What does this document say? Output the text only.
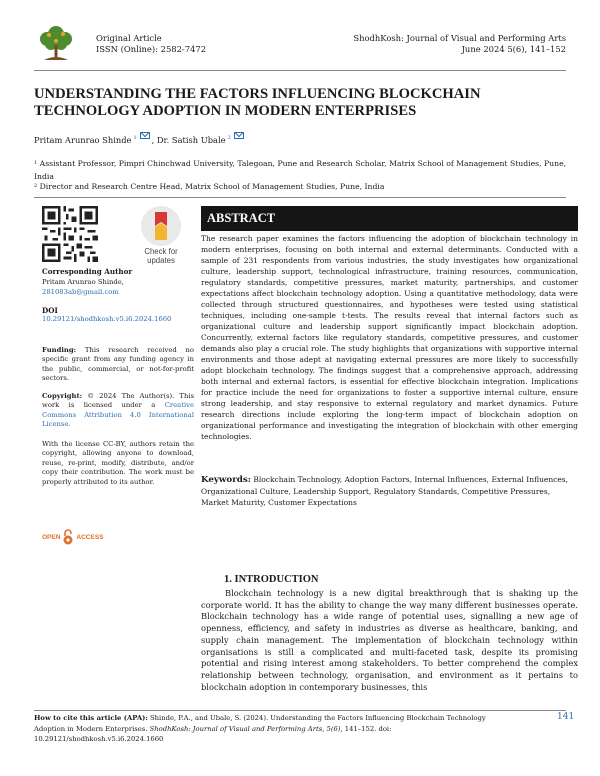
Original Article
ISSN (Online): 2582-7472
ShodhKosh: Journal of Visual and Performing Arts
June 2024 5(6), 141–152
UNDERSTANDING THE FACTORS INFLUENCING BLOCKCHAIN TECHNOLOGY ADOPTION IN MODERN ENTERPRISES
Pritam Arunrao Shinde 1 , Dr. Satish Ubale 2
$^1$ Assistant Professor, Pimpri Chinchwad University, Talegoan, Pune and Research Scholar, Matrix School of Management Studies, Pune, India
$^2$ Director and Research Centre Head, Matrix School of Management Studies, Pune, India
Check for
updates
Corresponding Author
Pritam Arunrao Shinde,
281083ab@gmail.com
DOI
10.29121/shodhkosh.v5.i6.2024.1660
Funding: This research received no specific grant from any funding agency in the public, commercial, or not-for-profit sectors.
Copyright: © 2024 The Author(s). This work is licensed under a Creative Commons Attribution 4.0 International License.
With the license CC-BY, authors retain the copyright, allowing anyone to download, reuse, re-print, modify, distribute, and/or copy their contribution. The work must be properly attributed to its author.
OPEN ACCESS
ABSTRACT

The research paper examines the factors influencing the adoption of blockchain technology in modern enterprises, focusing on both internal and external determinants. Conducted with a sample of 231 respondents from various industries, the study investigates how organizational culture, leadership support, technological infrastructure, training resources, communication, regulatory standards, competitive pressures, market maturity, partnerships, and customer expectations affect blockchain technology adoption. Using a quantitative methodology, data were collected through structured questionnaires, and hypotheses were tested using statistical techniques, including one-sample t-tests. The results reveal that internal factors such as organizational culture and leadership support significantly impact blockchain adoption. Concurrently, external factors like regulatory standards, competitive pressures, and customer demands also play a crucial role. The study highlights that organizations with supportive internal environments and those adept at navigating external pressures are more likely to successfully adopt blockchain technology. The findings suggest that a comprehensive approach, addressing both internal and external factors, is essential for effective blockchain integration. Implications for practice include the need for organizations to foster a supportive internal culture, ensure strong leadership, and stay responsive to external regulatory and market dynamics. Future research directions include exploring the long-term impact of blockchain adoption on organizational performance and investigating the integration of blockchain with other emerging technologies.

Keywords: Blockchain Technology, Adoption Factors, Internal Influences, External Influences, Organizational Culture, Leadership Support, Regulatory Standards, Competitive Pressures, Market Maturity, Customer Expectations
1. INTRODUCTION

Blockchain technology is a new digital breakthrough that is shaking up the corporate world. It has the ability to change the way many different businesses operate. Blockchain technology has a wide range of potential uses, signalling a new age of openness, efficiency, and safety in industries as diverse as healthcare, banking, and supply chain management. The implementation of blockchain technology within organisations is still a complicated and multi-faceted task, despite its promising potential and rising interest among stakeholders. To better comprehend the complex relationship between technology, organisation, and environment as it pertains to blockchain adoption in contemporary businesses, this

How to cite this article (APA): Shinde, P.A., and Ubale, S. (2024). Understanding the Factors Influencing Blockchain Technology Adoption in Modern Enterprises. ShodhKosh: Journal of Visual and Performing Arts, 5(6), 141–152. doi: 10.29121/shodhkosh.v5.i6.2024.1660
141
